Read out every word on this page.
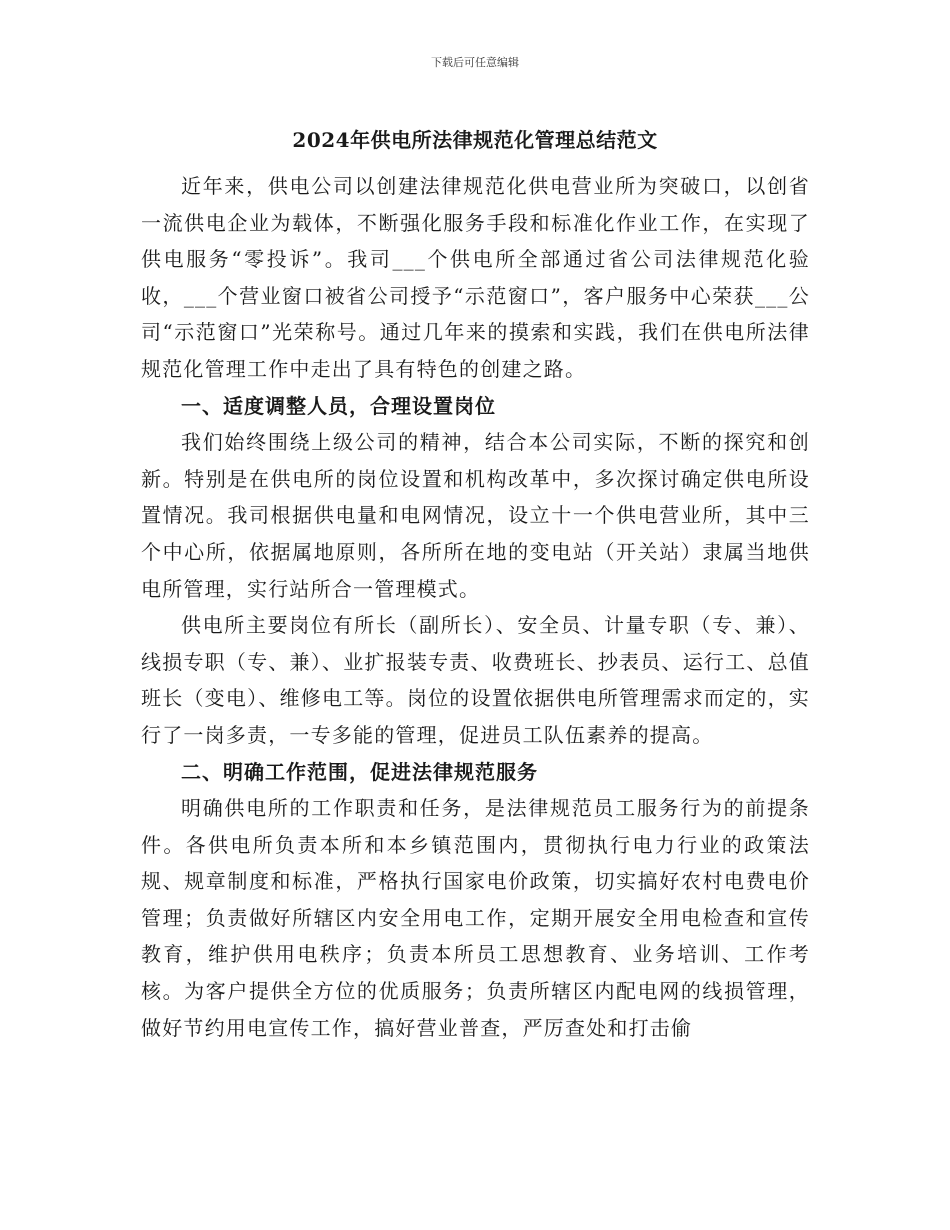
下载后可任意编辑
2024年供电所法律规范化管理总结范文

近年来，供电公司以创建法律规范化供电营业所为突破口，以创省一流供电企业为载体，不断强化服务手段和标准化作业工作，在实现了供电服务“零投诉”。我司___个供电所全部通过省公司法律规范化验收，___个营业窗口被省公司授予“示范窗口”，客户服务中心荣获___公司“示范窗口”光荣称号。通过几年来的摸索和实践，我们在供电所法律规范化管理工作中走出了具有特色的创建之路。

一、适度调整人员，合理设置岗位

我们始终围绕上级公司的精神，结合本公司实际，不断的探究和创新。特别是在供电所的岗位设置和机构改革中，多次探讨确定供电所设置情况。我司根据供电量和电网情况，设立十一个供电营业所，其中三个中心所，依据属地原则，各所所在地的变电站（开关站）隶属当地供电所管理，实行站所合一管理模式。

供电所主要岗位有所长（副所长）、安全员、计量专职（专、兼）、线损专职（专、兼）、业扩报装专责、收费班长、抄表员、运行工、总值班长（变电）、维修电工等。岗位的设置依据供电所管理需求而定的，实行了一岗多责，一专多能的管理，促进员工队伍素养的提高。

二、明确工作范围，促进法律规范服务

明确供电所的工作职责和任务，是法律规范员工服务行为的前提条件。各供电所负责本所和本乡镇范围内，贯彻执行电力行业的政策法规、规章制度和标准，严格执行国家电价政策，切实搞好农村电费电价管理；负责做好所辖区内安全用电工作，定期开展安全用电检查和宣传教育，维护供用电秩序；负责本所员工思想教育、业务培训、工作考核。为客户提供全方位的优质服务；负责所辖区内配电网的线损管理，做好节约用电宣传工作，搞好营业普查，严厉查处和打击偷
